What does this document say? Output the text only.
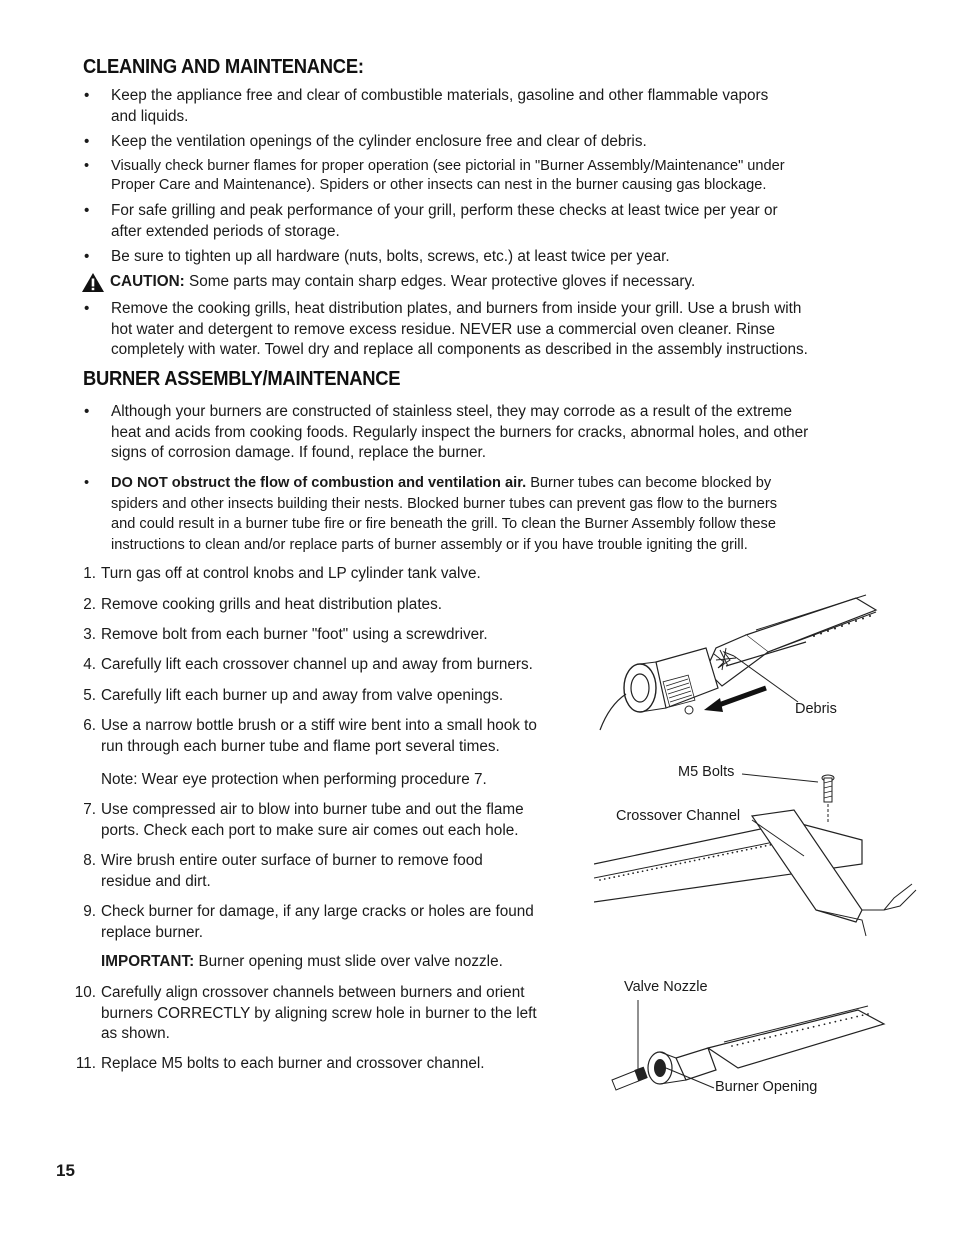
CLEANING AND MAINTENANCE:
• Keep the appliance free and clear of combustible materials, gasoline and other flammable vapors
and liquids.
• Keep the ventilation openings of the cylinder enclosure free and clear of debris.
• Visually check burner flames for proper operation (see pictorial in "Burner Assembly/Maintenance" under
Proper Care and Maintenance). Spiders or other insects can nest in the burner causing gas blockage.
• For safe grilling and peak performance of your grill, perform these checks at least twice per year or
after extended periods of storage.
• Be sure to tighten up all hardware (nuts, bolts, screws, etc.) at least twice per year.
CAUTION: Some parts may contain sharp edges. Wear protective gloves if necessary.
• Remove the cooking grills, heat distribution plates, and burners from inside your grill. Use a brush with
hot water and detergent to remove excess residue. NEVER use a commercial oven cleaner. Rinse
completely with water. Towel dry and replace all components as described in the assembly instructions.
BURNER ASSEMBLY/MAINTENANCE
• Although your burners are constructed of stainless steel, they may corrode as a result of the extreme
heat and acids from cooking foods. Regularly inspect the burners for cracks, abnormal holes, and other
signs of corrosion damage. If found, replace the burner.
• DO NOT obstruct the flow of combustion and ventilation air. Burner tubes can become blocked by
spiders and other insects building their nests. Blocked burner tubes can prevent gas flow to the burners
and could result in a burner tube fire or fire beneath the grill. To clean the Burner Assembly follow these
instructions to clean and/or replace parts of burner assembly or if you have trouble igniting the grill.
1. Turn gas off at control knobs and LP cylinder tank valve.
2. Remove cooking grills and heat distribution plates.
3. Remove bolt from each burner "foot" using a screwdriver.
4. Carefully lift each crossover channel up and away from burners.
5. Carefully lift each burner up and away from valve openings.
6. Use a narrow bottle brush or a stiff wire bent into a small hook to
run through each burner tube and flame port several times.
Note: Wear eye protection when performing procedure 7.
7. Use compressed air to blow into burner tube and out the flame
ports. Check each port to make sure air comes out each hole.
8. Wire brush entire outer surface of burner to remove food
residue and dirt.
9. Check burner for damage, if any large cracks or holes are found
replace burner.
IMPORTANT: Burner opening must slide over valve nozzle.
10. Carefully align crossover channels between burners and orient
burners CORRECTLY by aligning screw hole in burner to the left
as shown.
11. Replace M5 bolts to each burner and crossover channel.
Debris
M5 Bolts
Crossover Channel
Valve Nozzle
Burner Opening
15
